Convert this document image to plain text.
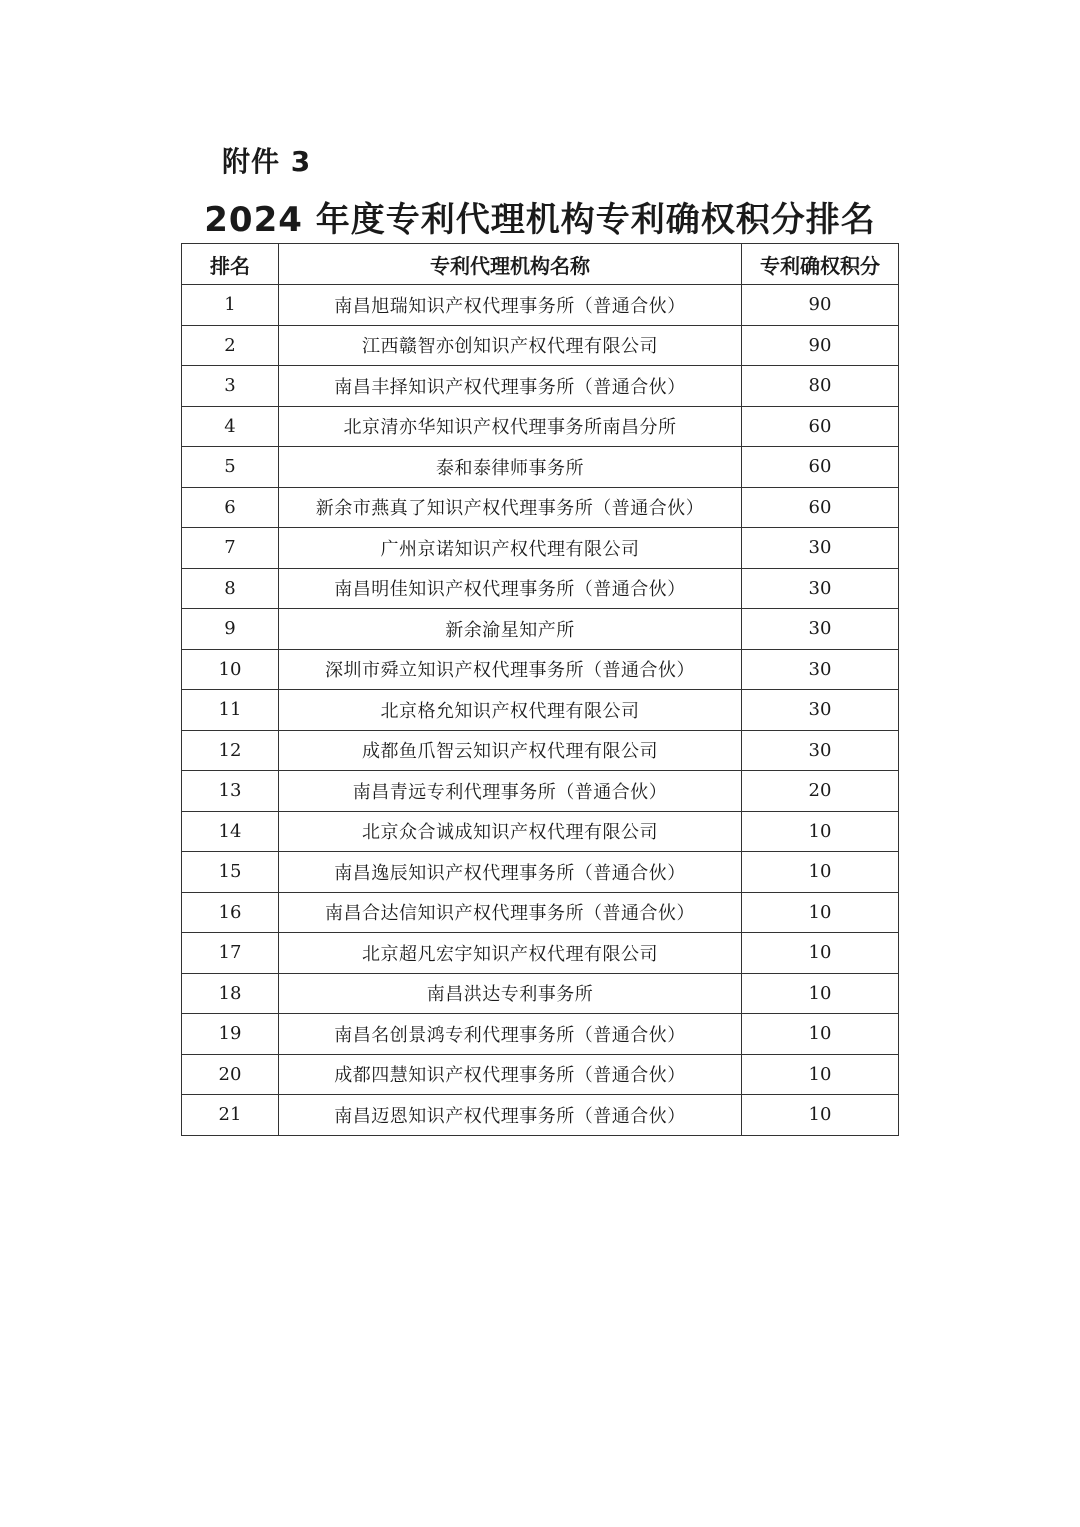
附件 3
2024 年度专利代理机构专利确权积分排名
排名	专利代理机构名称	专利确权积分
1	南昌旭瑞知识产权代理事务所（普通合伙）	90
2	江西赣智亦创知识产权代理有限公司	90
3	南昌丰择知识产权代理事务所（普通合伙）	80
4	北京清亦华知识产权代理事务所南昌分所	60
5	泰和泰律师事务所	60
6	新余市燕真了知识产权代理事务所（普通合伙）	60
7	广州京诺知识产权代理有限公司	30
8	南昌明佳知识产权代理事务所（普通合伙）	30
9	新余渝星知产所	30
10	深圳市舜立知识产权代理事务所（普通合伙）	30
11	北京格允知识产权代理有限公司	30
12	成都鱼爪智云知识产权代理有限公司	30
13	南昌青远专利代理事务所（普通合伙）	20
14	北京众合诚成知识产权代理有限公司	10
15	南昌逸辰知识产权代理事务所（普通合伙）	10
16	南昌合达信知识产权代理事务所（普通合伙）	10
17	北京超凡宏宇知识产权代理有限公司	10
18	南昌洪达专利事务所	10
19	南昌名创景鸿专利代理事务所（普通合伙）	10
20	成都四慧知识产权代理事务所（普通合伙）	10
21	南昌迈恩知识产权代理事务所（普通合伙）	10
